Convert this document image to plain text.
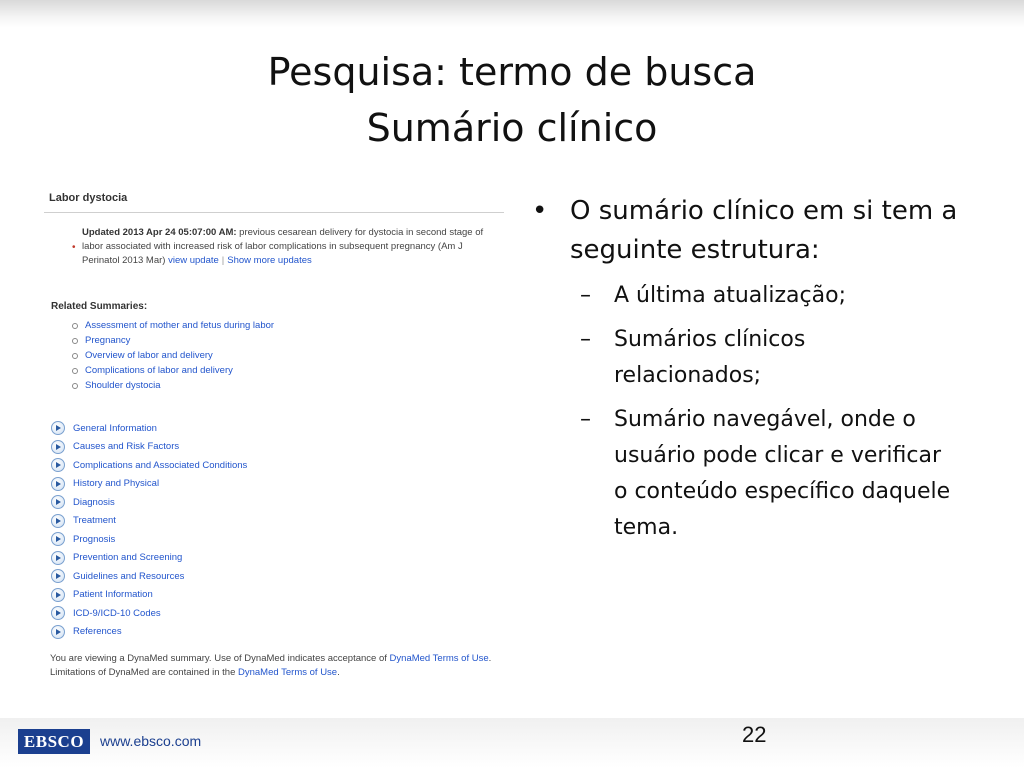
Pesquisa: termo de busca
Sumário clínico
Labor dystocia
•
Updated 2013 Apr 24 05:07:00 AM: previous cesarean delivery for dystocia in second stage of labor associated with increased risk of labor complications in subsequent pregnancy (Am J Perinatol 2013 Mar) view update | Show more updates
Related Summaries:
Assessment of mother and fetus during labor
Pregnancy
Overview of labor and delivery
Complications of labor and delivery
Shoulder dystocia
General Information
Causes and Risk Factors
Complications and Associated Conditions
History and Physical
Diagnosis
Treatment
Prognosis
Prevention and Screening
Guidelines and Resources
Patient Information
ICD-9/ICD-10 Codes
References
You are viewing a DynaMed summary. Use of DynaMed indicates acceptance of DynaMed Terms of Use. Limitations of DynaMed are contained in the DynaMed Terms of Use.
• O sumário clínico em si tem a seguinte estrutura:
– A última atualização;
– Sumários clínicos relacionados;
– Sumário navegável, onde o usuário pode clicar e verificar o conteúdo específico daquele tema.
EBSCO	www.ebsco.com	22
